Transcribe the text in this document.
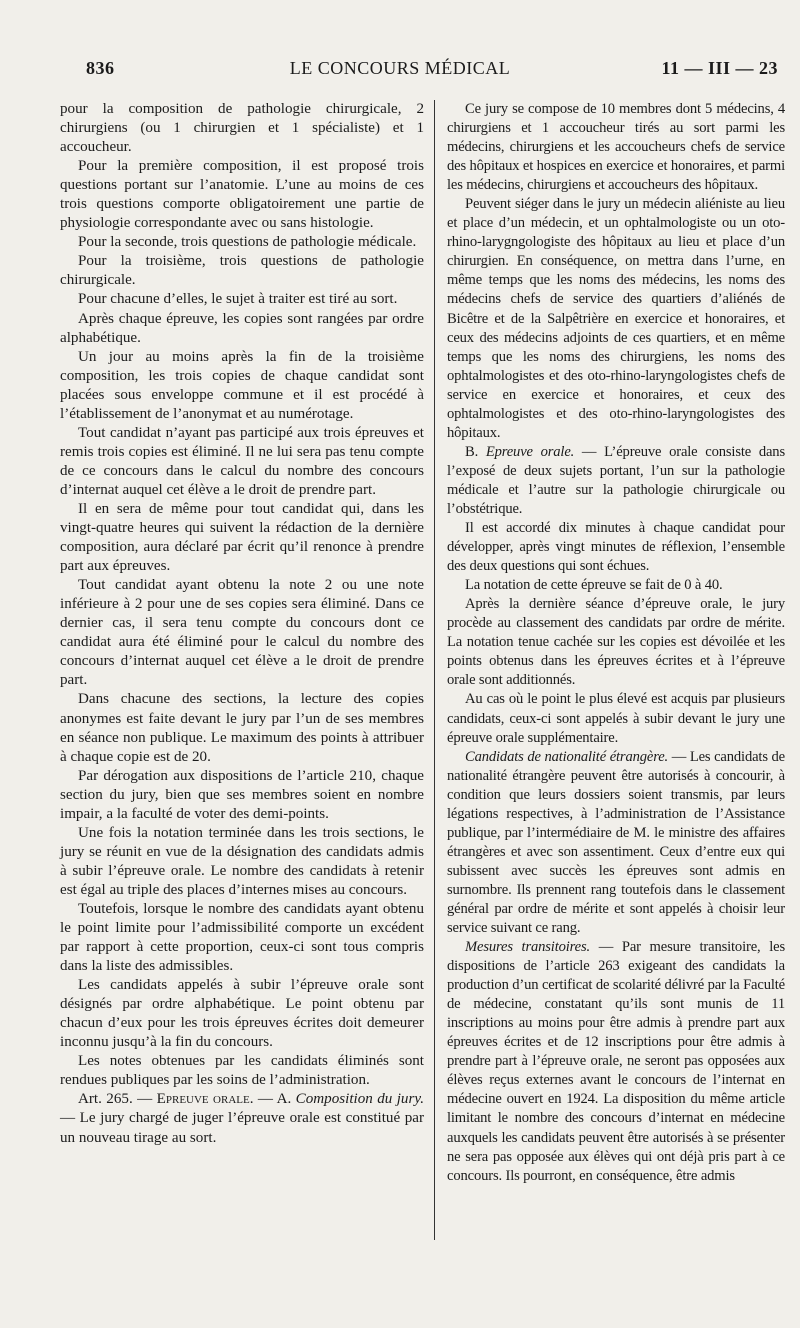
836	LE CONCOURS MÉDICAL	11 — III — 23

pour la composition de pathologie chirurgicale, 2 chirurgiens (ou 1 chirurgien et 1 spécialiste) et 1 accoucheur.

Pour la première composition, il est proposé trois questions portant sur l’anatomie. L’une au moins de ces trois questions comporte obligatoirement une partie de physiologie correspondante avec ou sans histologie.

Pour la seconde, trois questions de pathologie médicale.

Pour la troisième, trois questions de pathologie chirurgicale.

Pour chacune d’elles, le sujet à traiter est tiré au sort.

Après chaque épreuve, les copies sont rangées par ordre alphabétique.

Un jour au moins après la fin de la troisième composition, les trois copies de chaque candidat sont placées sous enveloppe commune et il est procédé à l’établissement de l’anonymat et au numérotage.

Tout candidat n’ayant pas participé aux trois épreuves et remis trois copies est éliminé. Il ne lui sera pas tenu compte de ce concours dans le calcul du nombre des concours d’internat auquel cet élève a le droit de prendre part.

Il en sera de même pour tout candidat qui, dans les vingt-quatre heures qui suivent la rédaction de la dernière composition, aura déclaré par écrit qu’il renonce à prendre part aux épreuves.

Tout candidat ayant obtenu la note 2 ou une note inférieure à 2 pour une de ses copies sera éliminé. Dans ce dernier cas, il sera tenu compte du concours dont ce candidat aura été éliminé pour le calcul du nombre des concours d’internat auquel cet élève a le droit de prendre part.

Dans chacune des sections, la lecture des copies anonymes est faite devant le jury par l’un de ses membres en séance non publique. Le maximum des points à attribuer à chaque copie est de 20.

Par dérogation aux dispositions de l’article 210, chaque section du jury, bien que ses membres soient en nombre impair, a la faculté de voter des demi-points.

Une fois la notation terminée dans les trois sections, le jury se réunit en vue de la désignation des candidats admis à subir l’épreuve orale. Le nombre des candidats à retenir est égal au triple des places d’internes mises au concours.

Toutefois, lorsque le nombre des candidats ayant obtenu le point limite pour l’admissibilité comporte un excédent par rapport à cette proportion, ceux-ci sont tous compris dans la liste des admissibles.

Les candidats appelés à subir l’épreuve orale sont désignés par ordre alphabétique. Le point obtenu par chacun d’eux pour les trois épreuves écrites doit demeurer inconnu jusqu’à la fin du concours.

Les notes obtenues par les candidats éliminés sont rendues publiques par les soins de l’administration.

Art. 265. — Epreuve orale. — A. Composition du jury. — Le jury chargé de juger l’épreuve orale est constitué par un nouveau tirage au sort.

Ce jury se compose de 10 membres dont 5 médecins, 4 chirurgiens et 1 accoucheur tirés au sort parmi les médecins, chirurgiens et les accoucheurs chefs de service des hôpitaux et hospices en exercice et honoraires, et parmi les médecins, chirurgiens et accoucheurs des hôpitaux.

Peuvent siéger dans le jury un médecin aliéniste au lieu et place d’un médecin, et un ophtalmologiste ou un oto-rhino-larygngologiste des hôpitaux au lieu et place d’un chirurgien. En conséquence, on mettra dans l’urne, en même temps que les noms des médecins, les noms des médecins chefs de service des quartiers d’aliénés de Bicêtre et de la Salpêtrière en exercice et honoraires, et ceux des médecins adjoints de ces quartiers, et en même temps que les noms des chirurgiens, les noms des ophtalmologistes et des oto-rhino-laryngologistes chefs de service en exercice et honoraires, et ceux des ophtalmologistes et des oto-rhino-laryngologistes des hôpitaux.

B. Epreuve orale. — L’épreuve orale consiste dans l’exposé de deux sujets portant, l’un sur la pathologie médicale et l’autre sur la pathologie chirurgicale ou l’obstétrique.

Il est accordé dix minutes à chaque candidat pour développer, après vingt minutes de réflexion, l’ensemble des deux questions qui sont échues.

La notation de cette épreuve se fait de 0 à 40.

Après la dernière séance d’épreuve orale, le jury procède au classement des candidats par ordre de mérite. La notation tenue cachée sur les copies est dévoilée et les points obtenus dans les épreuves écrites et à l’épreuve orale sont additionnés.

Au cas où le point le plus élevé est acquis par plusieurs candidats, ceux-ci sont appelés à subir devant le jury une épreuve orale supplémentaire.

Candidats de nationalité étrangère. — Les candidats de nationalité étrangère peuvent être autorisés à concourir, à condition que leurs dossiers soient transmis, par leurs légations respectives, à l’administration de l’Assistance publique, par l’intermédiaire de M. le ministre des affaires étrangères et avec son assentiment. Ceux d’entre eux qui subissent avec succès les épreuves sont admis en surnombre. Ils prennent rang toutefois dans le classement général par ordre de mérite et sont appelés à choisir leur service suivant ce rang.

Mesures transitoires. — Par mesure transitoire, les dispositions de l’article 263 exigeant des candidats la production d’un certificat de scolarité délivré par la Faculté de médecine, constatant qu’ils sont munis de 11 inscriptions au moins pour être admis à prendre part aux épreuves écrites et de 12 inscriptions pour être admis à prendre part à l’épreuve orale, ne seront pas opposées aux élèves reçus externes avant le concours de l’internat en médecine ouvert en 1924. La disposition du même article limitant le nombre des concours d’internat en médecine auxquels les candidats peuvent être autorisés à se présenter ne sera pas opposée aux élèves qui ont déjà pris part à ce concours. Ils pourront, en conséquence, être admis
